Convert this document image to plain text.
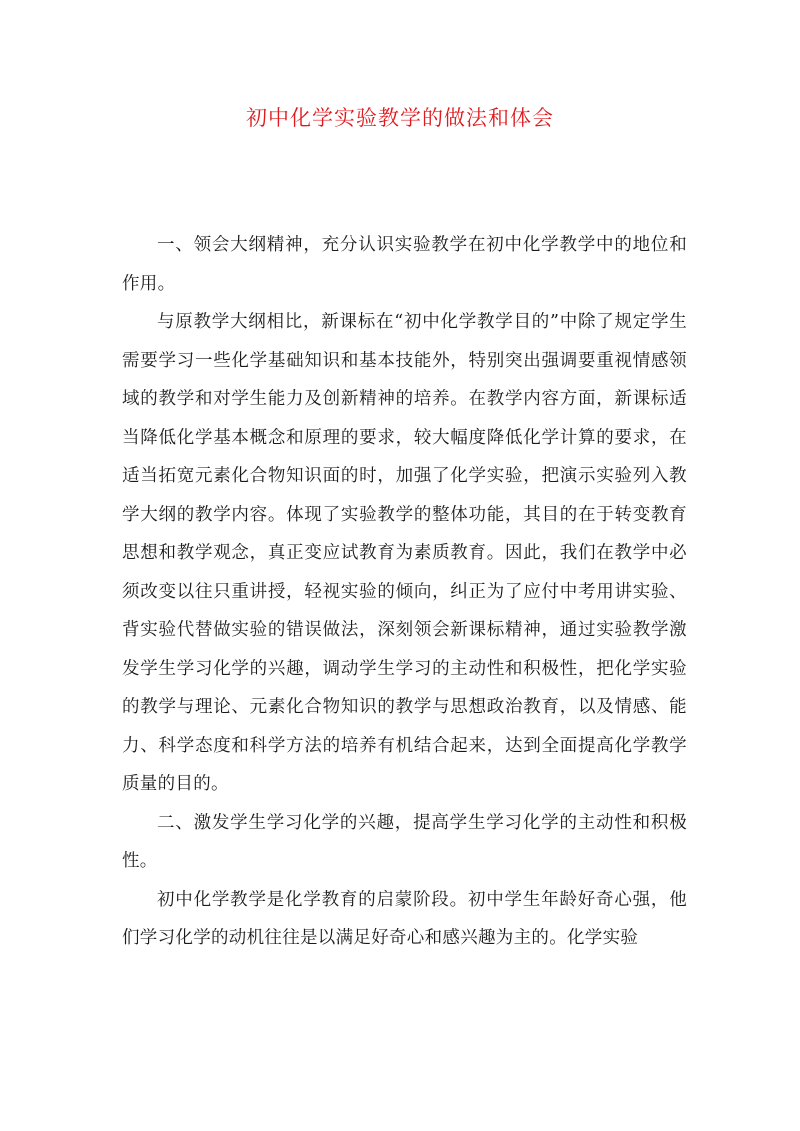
初中化学实验教学的做法和体会

一、领会大纲精神，充分认识实验教学在初中化学教学中的地位和作用。

与原教学大纲相比，新课标在“初中化学教学目的”中除了规定学生需要学习一些化学基础知识和基本技能外，特别突出强调要重视情感领域的教学和对学生能力及创新精神的培养。在教学内容方面，新课标适当降低化学基本概念和原理的要求，较大幅度降低化学计算的要求，在适当拓宽元素化合物知识面的时，加强了化学实验，把演示实验列入教学大纲的教学内容。体现了实验教学的整体功能，其目的在于转变教育思想和教学观念，真正变应试教育为素质教育。因此，我们在教学中必须改变以往只重讲授，轻视实验的倾向，纠正为了应付中考用讲实验、背实验代替做实验的错误做法，深刻领会新课标精神，通过实验教学激发学生学习化学的兴趣，调动学生学习的主动性和积极性，把化学实验的教学与理论、元素化合物知识的教学与思想政治教育，以及情感、能力、科学态度和科学方法的培养有机结合起来，达到全面提高化学教学质量的目的。

二、激发学生学习化学的兴趣，提高学生学习化学的主动性和积极性。

初中化学教学是化学教育的启蒙阶段。初中学生年龄好奇心强，他们学习化学的动机往往是以满足好奇心和感兴趣为主的。化学实验
